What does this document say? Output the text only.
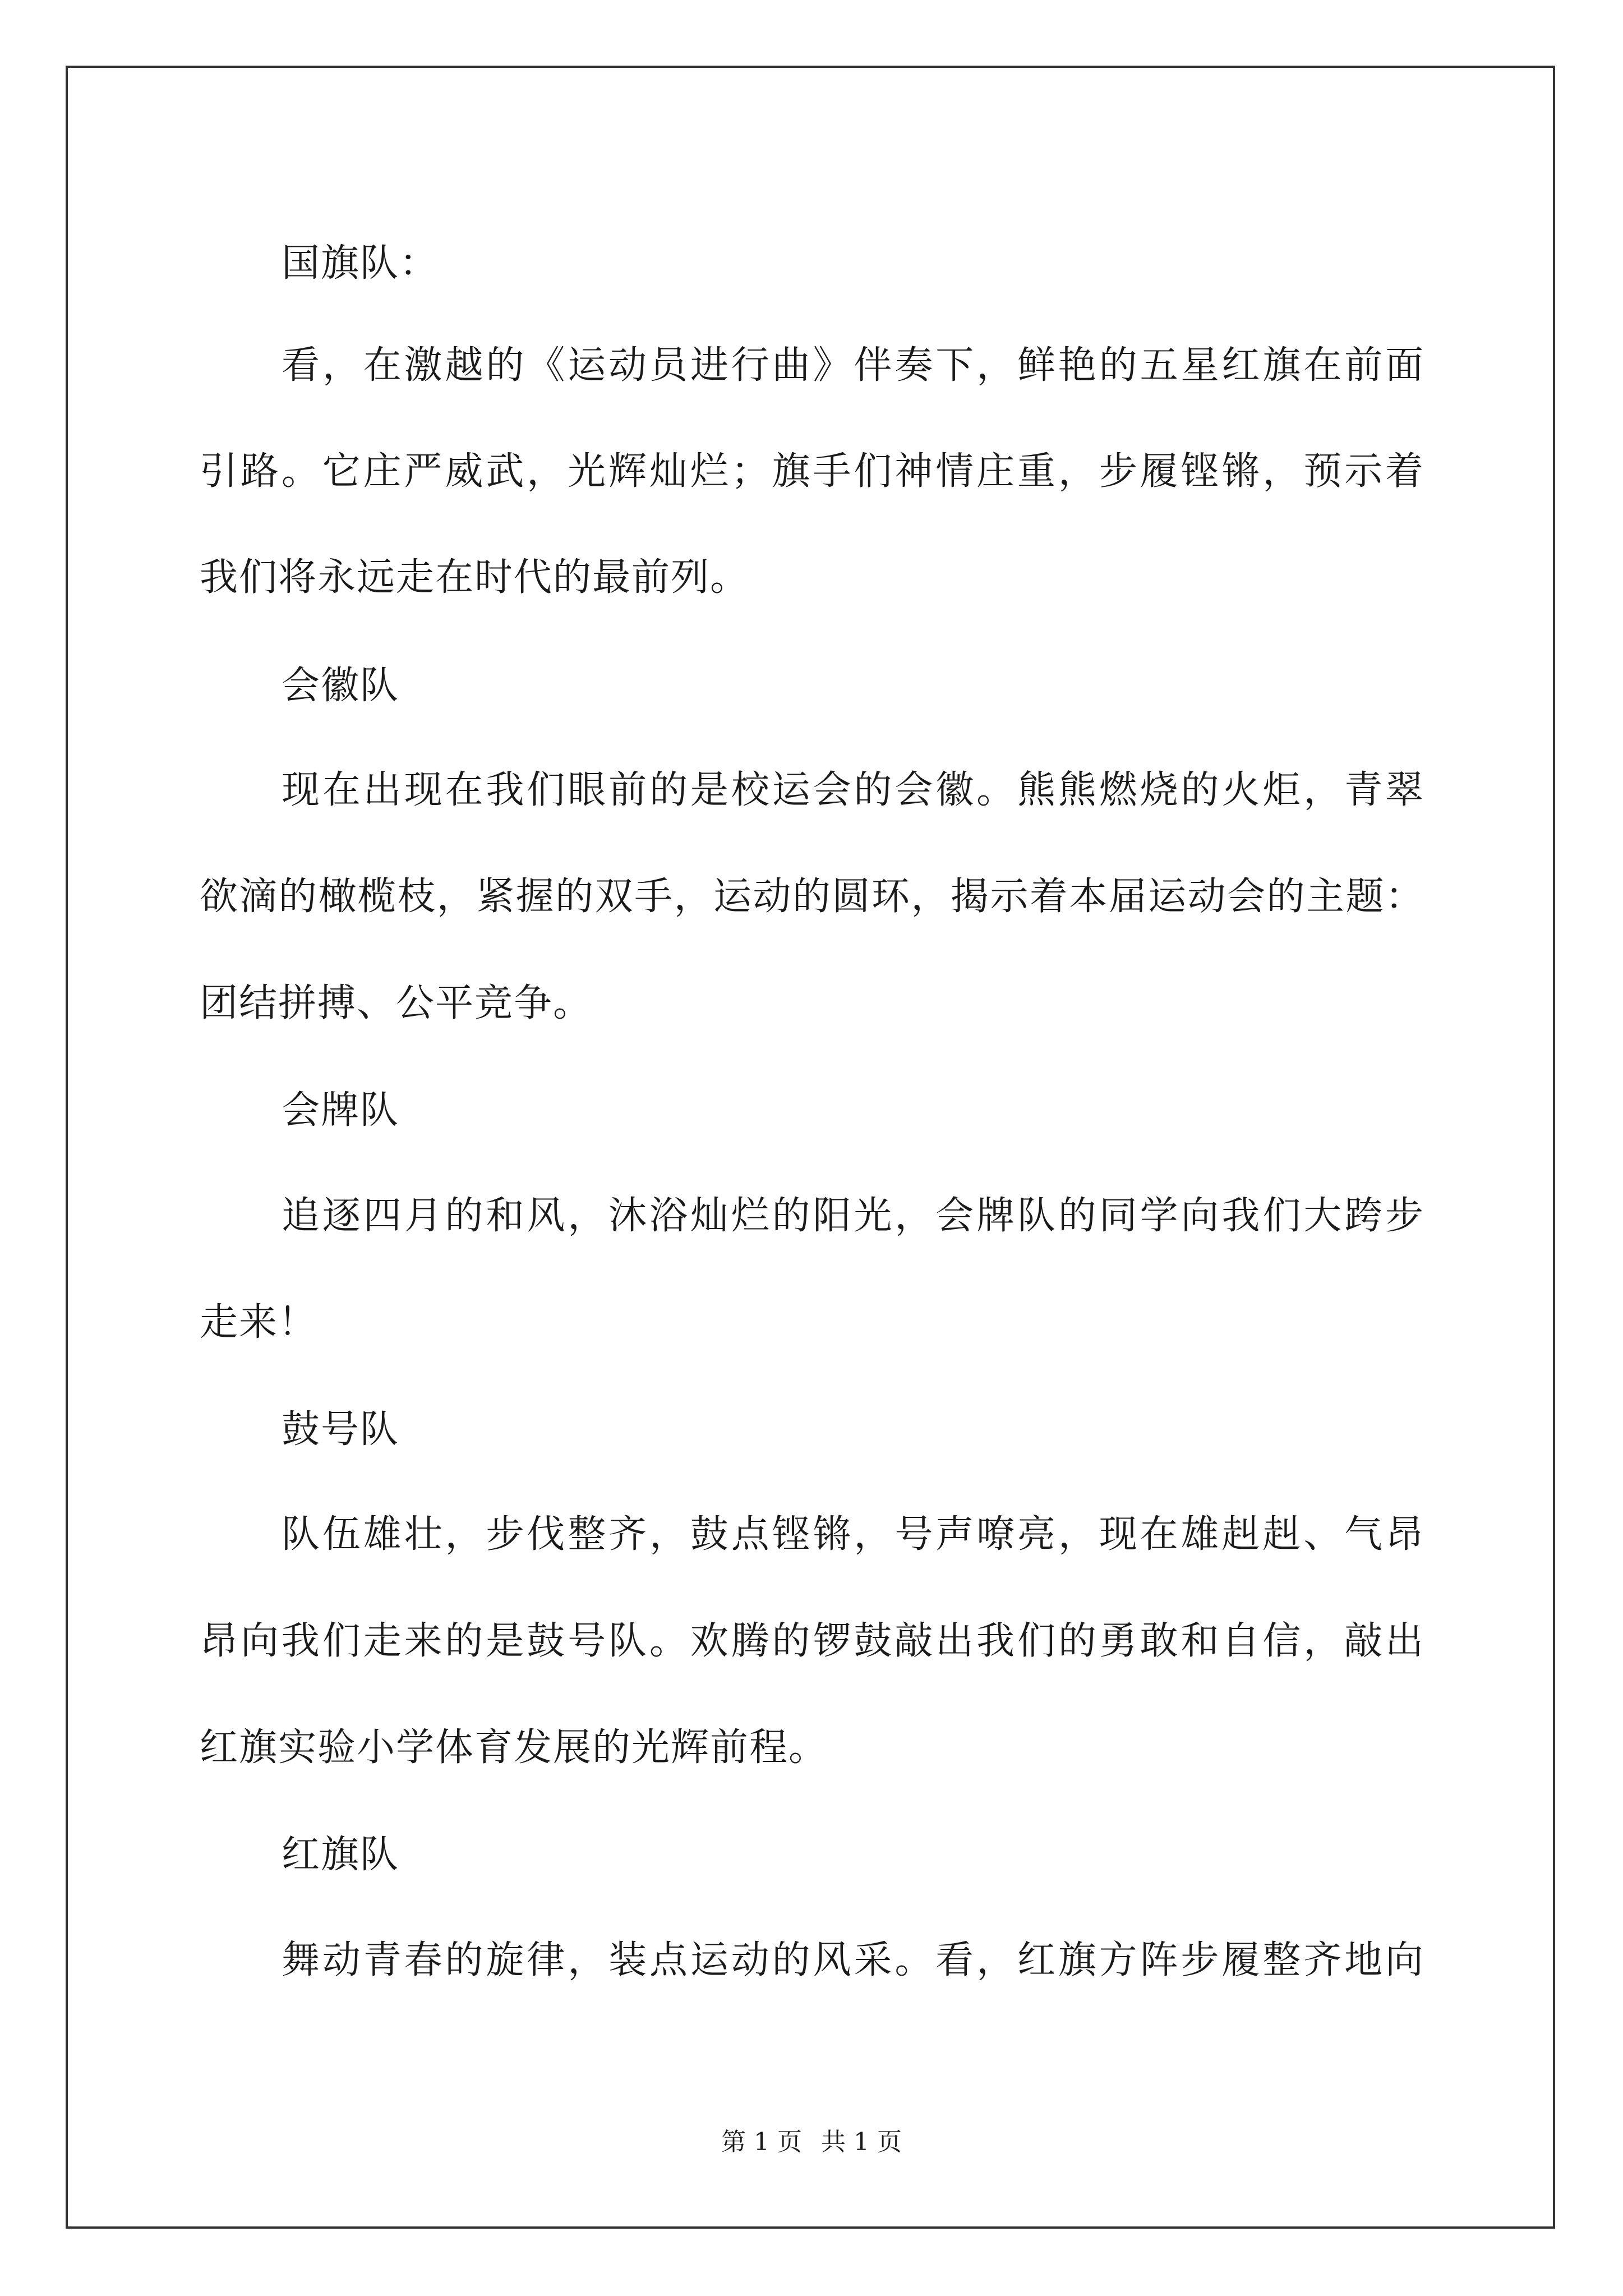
国旗队：
看，在激越的《运动员进行曲》伴奏下，鲜艳的五星红旗在前面
引路。它庄严威武，光辉灿烂；旗手们神情庄重，步履铿锵，预示着
我们将永远走在时代的最前列。
会徽队
现在出现在我们眼前的是校运会的会徽。熊熊燃烧的火炬，青翠
欲滴的橄榄枝，紧握的双手，运动的圆环，揭示着本届运动会的主题：
团结拼搏、公平竞争。
会牌队
追逐四月的和风，沐浴灿烂的阳光，会牌队的同学向我们大跨步
走来！
鼓号队
队伍雄壮，步伐整齐，鼓点铿锵，号声嘹亮，现在雄赳赳、气昂
昂向我们走来的是鼓号队。欢腾的锣鼓敲出我们的勇敢和自信，敲出
红旗实验小学体育发展的光辉前程。
红旗队
舞动青春的旋律，装点运动的风采。看，红旗方阵步履整齐地向
第 1 页 共 1 页
